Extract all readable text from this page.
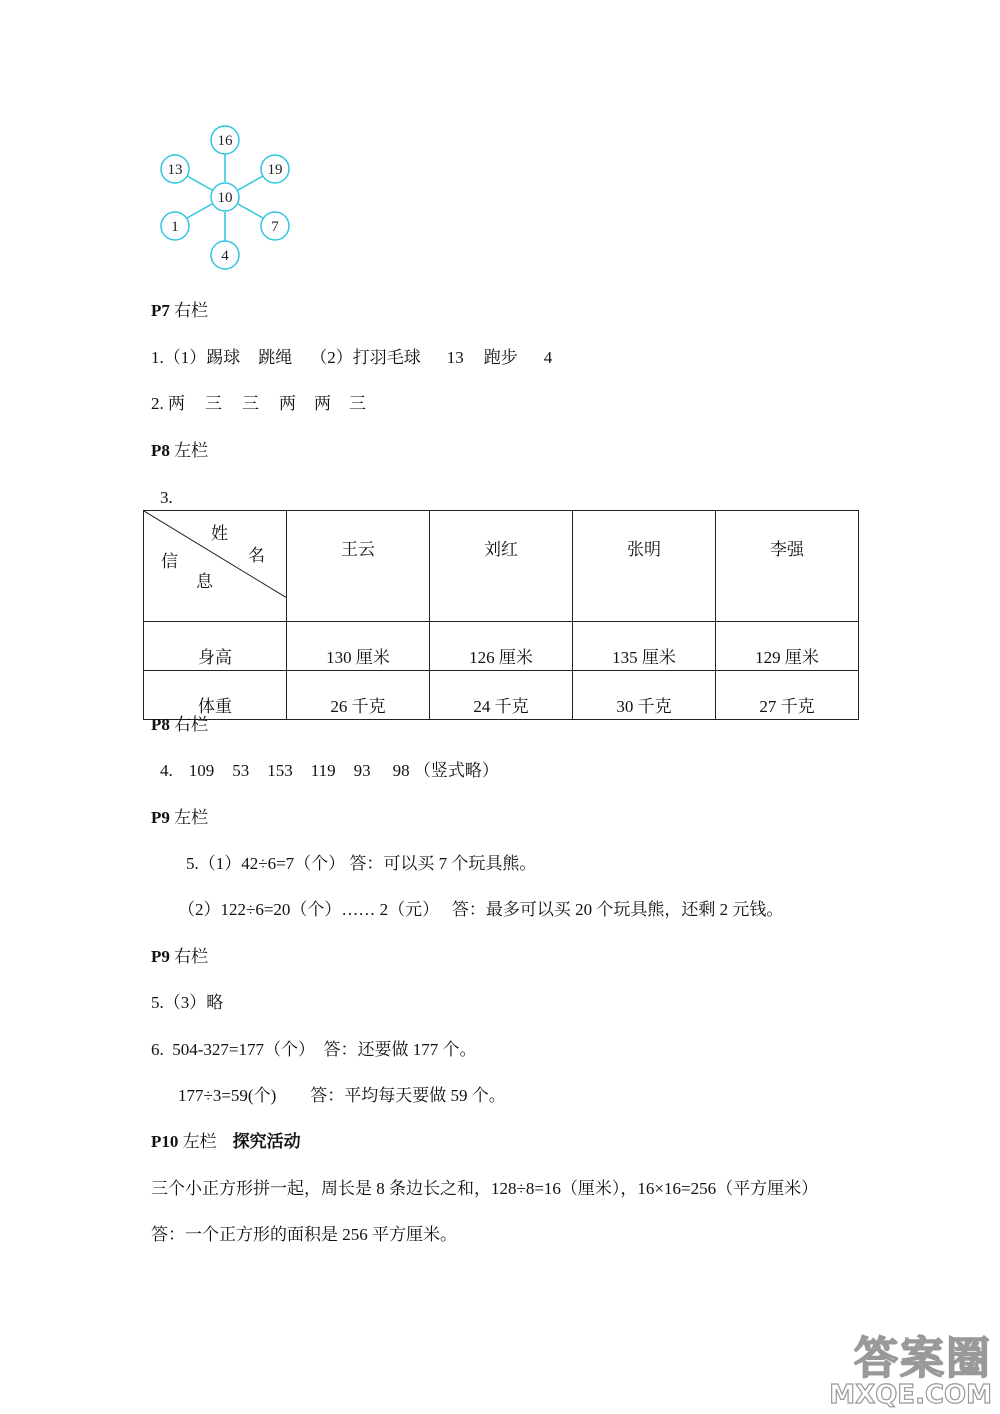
10
16
19
7
4
1
13
P7 右栏
1.（1）踢球 跳绳 （2）打羽毛球 13 跑步 4
2. 两 三 三 两 两 三
P8 左栏
3.
姓
名
信
息	王云	刘红	张明	李强
身高	130 厘米	126 厘米	135 厘米	129 厘米
体重	26 千克	24 千克	30 千克	27 千克
P8 右栏
4. 109 53 153 119 93 98 （竖式略）
P9 左栏
5.（1）42÷6=7（个） 答：可以买 7 个玩具熊。
（2）122÷6=20（个）…… 2（元）   答：最多可以买 20 个玩具熊，还剩 2 元钱。
P9 右栏
5.（3）略
6.  504-327=177（个）  答：还要做 177 个。
177÷3=59(个)        答：平均每天要做 59 个。
P10 左栏 探究活动
三个小正方形拼一起，周长是 8 条边长之和，128÷8=16（厘米），16×16=256（平方厘米）
答：一个正方形的面积是 256 平方厘米。
答案圈
MXQE.COM
